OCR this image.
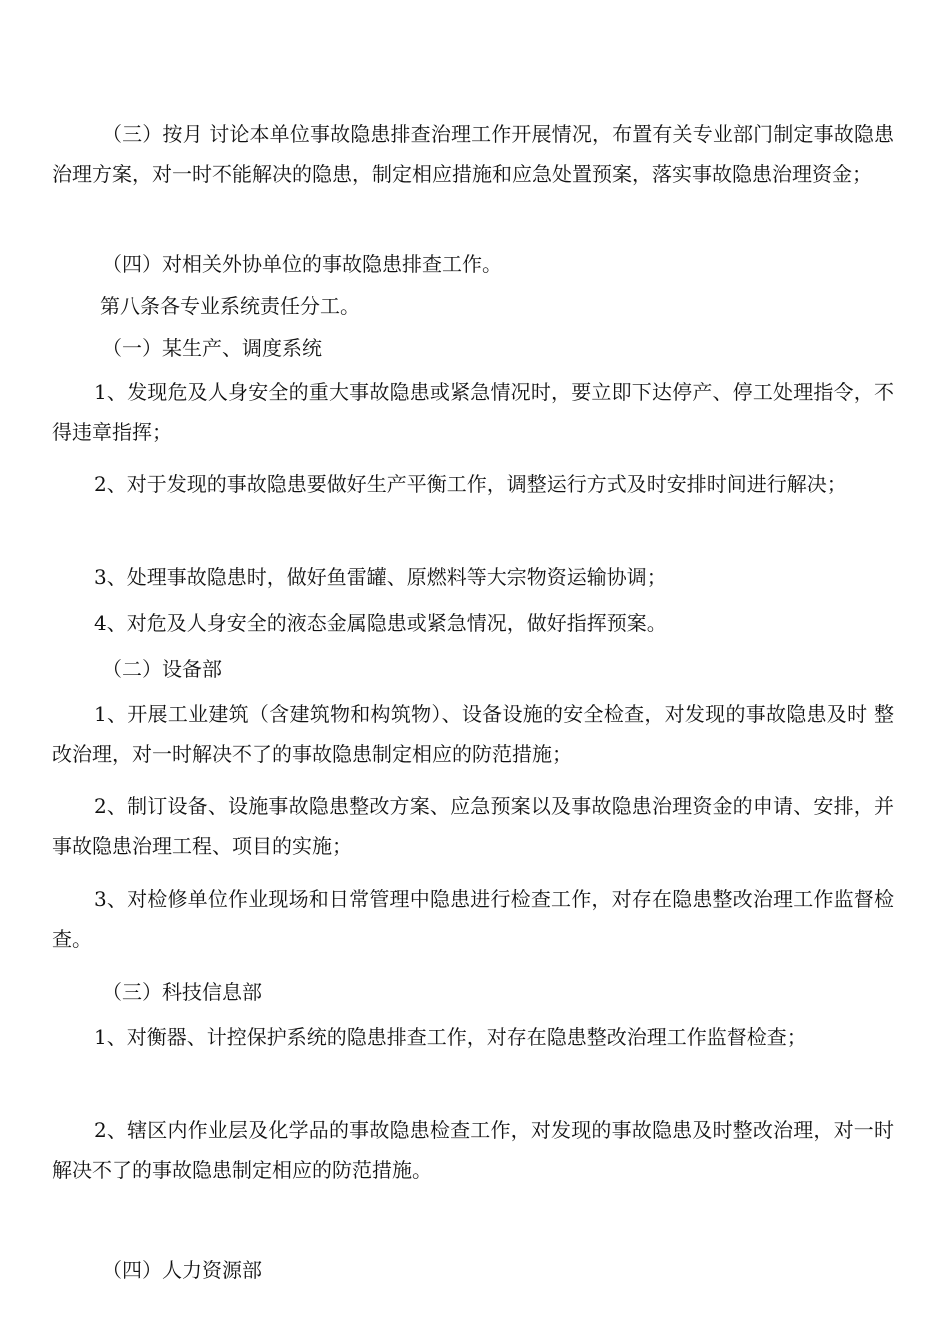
（三）按月 讨论本单位事故隐患排查治理工作开展情况，布置有关专业部门制定事故隐患治理方案，对一时不能解决的隐患，制定相应措施和应急处置预案，落实事故隐患治理资金；

（四）对相关外协单位的事故隐患排查工作。

第八条各专业系统责任分工。

（一）某生产、调度系统

1、发现危及人身安全的重大事故隐患或紧急情况时，要立即下达停产、停工处理指令，不得违章指挥；

2、对于发现的事故隐患要做好生产平衡工作，调整运行方式及时安排时间进行解决；

3、处理事故隐患时，做好鱼雷罐、原燃料等大宗物资运输协调；

4、对危及人身安全的液态金属隐患或紧急情况，做好指挥预案。

（二）设备部

1、开展工业建筑（含建筑物和构筑物）、设备设施的安全检查，对发现的事故隐患及时 整改治理，对一时解决不了的事故隐患制定相应的防范措施；

2、制订设备、设施事故隐患整改方案、应急预案以及事故隐患治理资金的申请、安排，并 事故隐患治理工程、项目的实施；

3、对检修单位作业现场和日常管理中隐患进行检查工作，对存在隐患整改治理工作监督检查。

（三）科技信息部

1、对衡器、计控保护系统的隐患排查工作，对存在隐患整改治理工作监督检查；

2、辖区内作业层及化学品的事故隐患检查工作，对发现的事故隐患及时整改治理，对一时解决不了的事故隐患制定相应的防范措施。

（四）人力资源部
